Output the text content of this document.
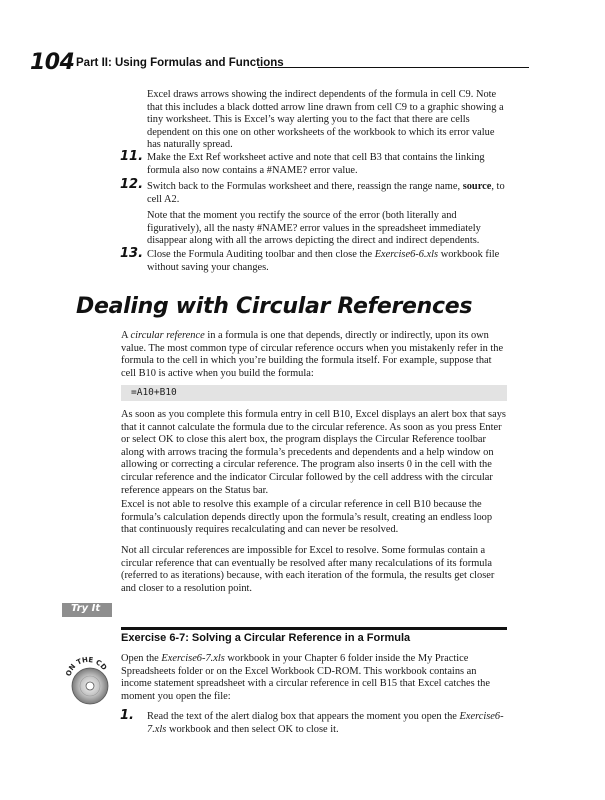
104 Part II: Using Formulas and Functions

Excel draws arrows showing the indirect dependents of the formula in cell C9. Note that this includes a black dotted arrow line drawn from cell C9 to a graphic showing a tiny worksheet. This is Excel’s way alerting you to the fact that there are cells dependent on this one on other worksheets of the workbook to which its error value has naturally spread.

11. Make the Ext Ref worksheet active and note that cell B3 that contains the linking formula also now contains a #NAME? error value.

12. Switch back to the Formulas worksheet and there, reassign the range name, source, to cell A2.

Note that the moment you rectify the source of the error (both literally and figuratively), all the nasty #NAME? error values in the spreadsheet immediately disappear along with all the arrows depicting the direct and indirect dependents.

13. Close the Formula Auditing toolbar and then close the Exercise6-6.xls workbook file without saving your changes.

Dealing with Circular References

A circular reference in a formula is one that depends, directly or indirectly, upon its own value. The most common type of circular reference occurs when you mistakenly refer in the formula to the cell in which you’re building the formula itself. For example, suppose that cell B10 is active when you build the formula:

=A10+B10

As soon as you complete this formula entry in cell B10, Excel displays an alert box that says that it cannot calculate the formula due to the circular reference. As soon as you press Enter or select OK to close this alert box, the program displays the Circular Reference toolbar along with arrows tracing the formula’s precedents and dependents and a help window on allowing or correcting a circular reference. The program also inserts 0 in the cell with the circular reference and the indicator Circular followed by the cell address with the circular reference appears on the Status bar.

Excel is not able to resolve this example of a circular reference in cell B10 because the formula’s calculation depends directly upon the formula’s result, creating an endless loop that continuously requires recalculating and can never be resolved.

Not all circular references are impossible for Excel to resolve. Some formulas contain a circular reference that can eventually be resolved after many recalculations of its formula (referred to as iterations) because, with each iteration of the formula, the results get closer and closer to a resolution point.

Try It
Exercise 6-7: Solving a Circular Reference in a Formula
ON THE CD

Open the Exercise6-7.xls workbook in your Chapter 6 folder inside the My Practice Spreadsheets folder or on the Excel Workbook CD-ROM. This workbook contains an income statement spreadsheet with a circular reference in cell B15 that Excel catches the moment you open the file:

1. Read the text of the alert dialog box that appears the moment you open the Exercise6-7.xls workbook and then select OK to close it.
